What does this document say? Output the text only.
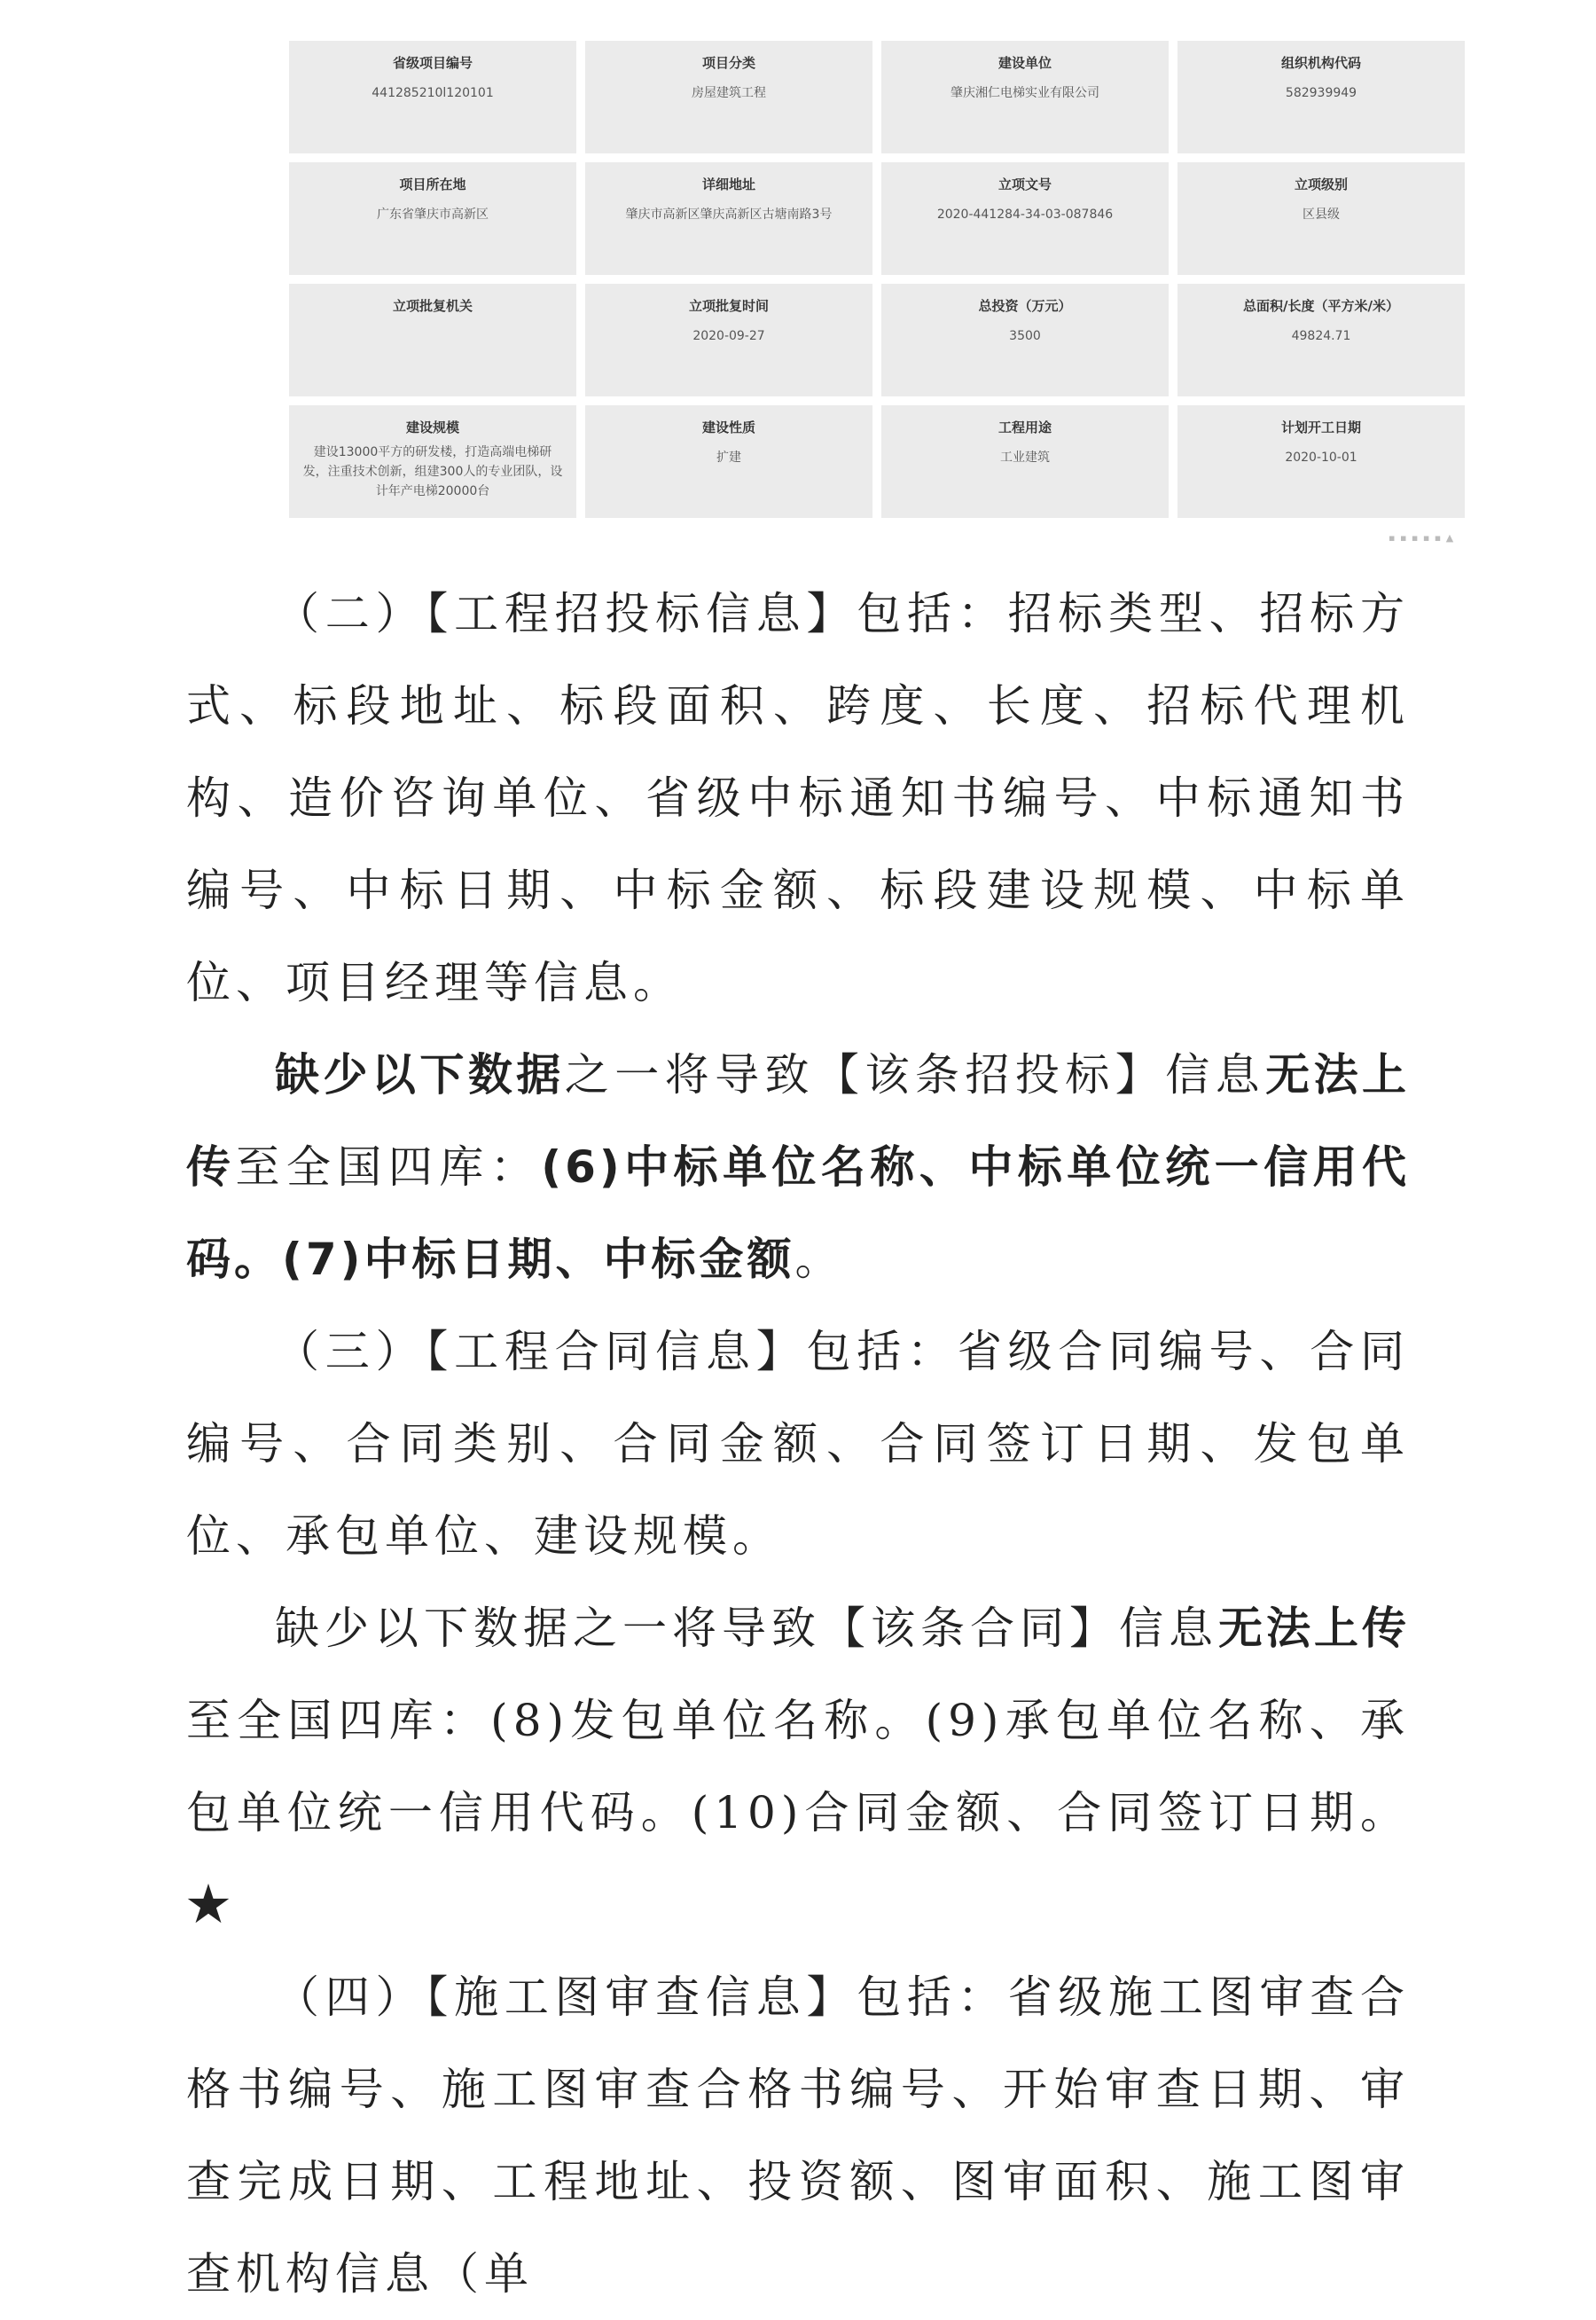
省级项目编号
441285210l120101
项目分类
房屋建筑工程
建设单位
肇庆湘仁电梯实业有限公司
组织机构代码
582939949
项目所在地
广东省肇庆市高新区
详细地址
肇庆市高新区肇庆高新区古塘南路3号
立项文号
2020-441284-34-03-087846
立项级别
区县级
立项批复机关	立项批复时间
2020-09-27
总投资（万元）
3500
总面积/长度（平方米/米）
49824.71
建设规模
建设13000平方的研发楼，打造高端电梯研发，注重技术创新，组建300人的专业团队，设计年产电梯20000台
建设性质
扩建
工程用途
工业建筑
计划开工日期
2020-10-01
▪ ▪ ▪ ▪ ▪ ▲

（二）【工程招投标信息】包括：招标类型、招标方式、标段地址、标段面积、跨度、长度、招标代理机构、造价咨询单位、省级中标通知书编号、中标通知书编号、中标日期、中标金额、标段建设规模、中标单位、项目经理等信息。

缺少以下数据之一将导致【该条招投标】信息无法上传至全国四库：(6)中标单位名称、中标单位统一信用代码。(7)中标日期、中标金额。

（三）【工程合同信息】包括：省级合同编号、合同编号、合同类别、合同金额、合同签订日期、发包单位、承包单位、建设规模。

缺少以下数据之一将导致【该条合同】信息无法上传至全国四库：(8)发包单位名称。(9)承包单位名称、承包单位统一信用代码。(10)合同金额、合同签订日期。★

（四）【施工图审查信息】包括：省级施工图审查合格书编号、施工图审查合格书编号、开始审查日期、审查完成日期、工程地址、投资额、图审面积、施工图审查机构信息（单
